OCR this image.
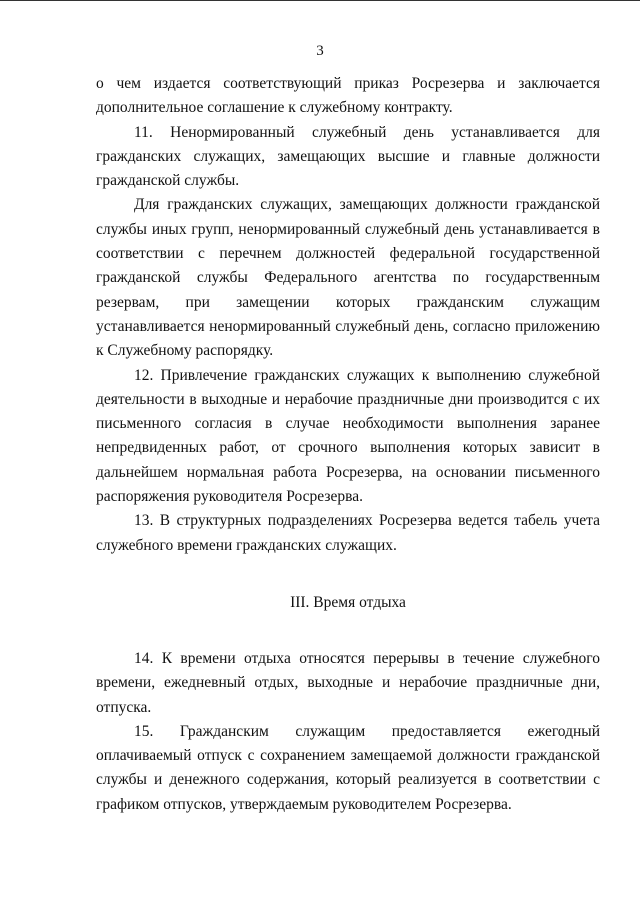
3

о чем издается соответствующий приказ Росрезерва и заключается дополнительное соглашение к служебному контракту.

11. Ненормированный служебный день устанавливается для гражданских служащих, замещающих высшие и главные должности гражданской службы.

Для гражданских служащих, замещающих должности гражданской службы иных групп, ненормированный служебный день устанавливается в соответствии с перечнем должностей федеральной государственной гражданской службы Федерального агентства по государственным резервам, при замещении которых гражданским служащим устанавливается ненормированный служебный день, согласно приложению к Служебному распорядку.

12. Привлечение гражданских служащих к выполнению служебной деятельности в выходные и нерабочие праздничные дни производится с их письменного согласия в случае необходимости выполнения заранее непредвиденных работ, от срочного выполнения которых зависит в дальнейшем нормальная работа Росрезерва, на основании письменного распоряжения руководителя Росрезерва.

13. В структурных подразделениях Росрезерва ведется табель учета служебного времени гражданских служащих.

III. Время отдыха

14. К времени отдыха относятся перерывы в течение служебного времени, ежедневный отдых, выходные и нерабочие праздничные дни, отпуска.

15. Гражданским служащим предоставляется ежегодный оплачиваемый отпуск с сохранением замещаемой должности гражданской службы и денежного содержания, который реализуется в соответствии с графиком отпусков, утверждаемым руководителем Росрезерва.
